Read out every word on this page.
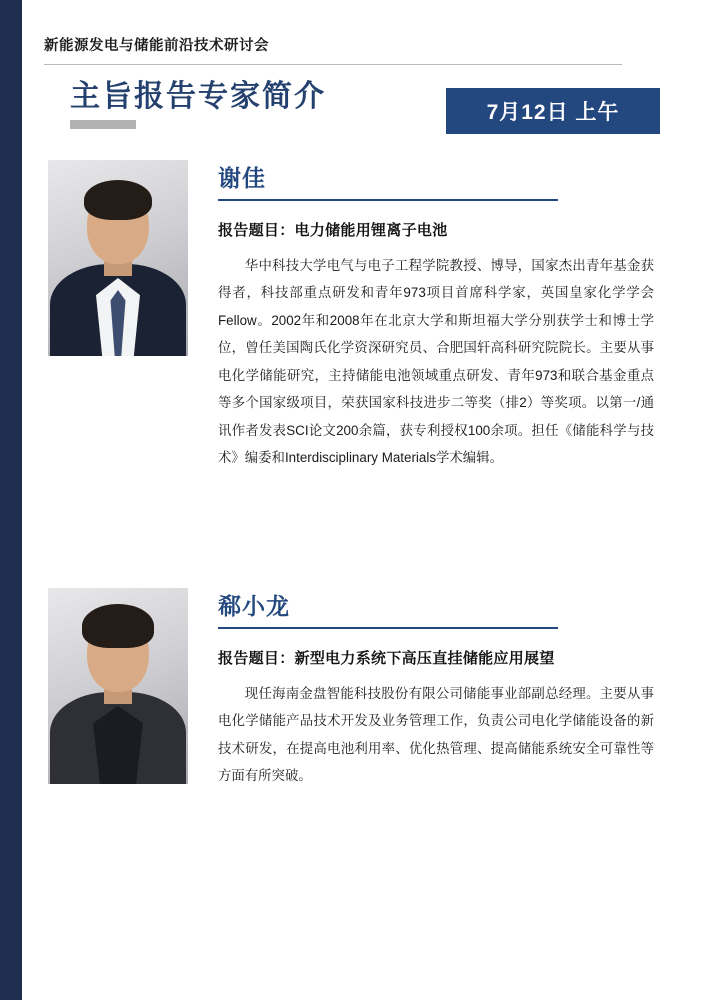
新能源发电与储能前沿技术研讨会
主旨报告专家简介	7月12日 上午
谢佳
报告题目：电力储能用锂离子电池
华中科技大学电气与电子工程学院教授、博导，国家杰出青年基金获得者，科技部重点研发和青年973项目首席科学家，英国皇家化学学会Fellow。2002年和2008年在北京大学和斯坦福大学分别获学士和博士学位，曾任美国陶氏化学资深研究员、合肥国轩高科研究院院长。主要从事电化学储能研究，主持储能电池领域重点研发、青年973和联合基金重点等多个国家级项目，荣获国家科技进步二等奖（排2）等奖项。以第一/通讯作者发表SCI论文200余篇，获专利授权100余项。担任《储能科学与技术》编委和Interdisciplinary Materials学术编辑。
郗小龙
报告题目：新型电力系统下高压直挂储能应用展望
现任海南金盘智能科技股份有限公司储能事业部副总经理。主要从事电化学储能产品技术开发及业务管理工作，负责公司电化学储能设备的新技术研发，在提高电池利用率、优化热管理、提高储能系统安全可靠性等方面有所突破。
-06-
